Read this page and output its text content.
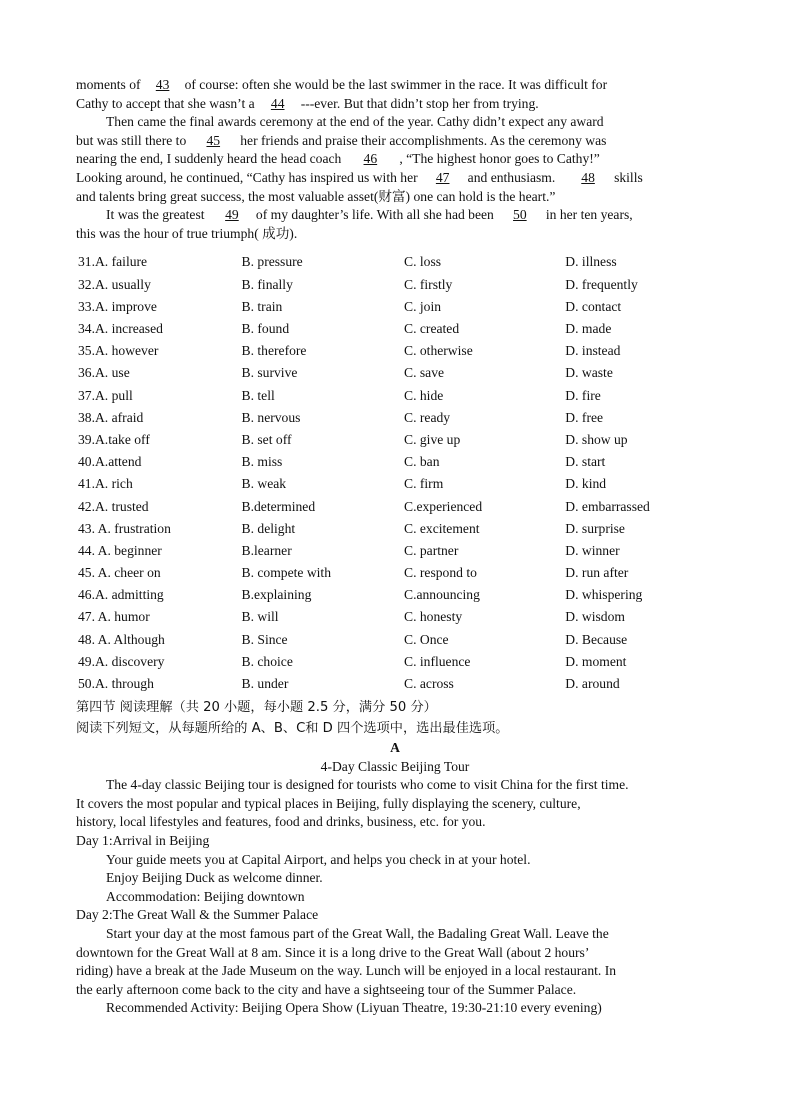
moments of 43 of course: often she would be the last swimmer in the race. It was difficult for
Cathy to accept that she wasn’t a 44 ---ever. But that didn’t stop her from trying.
Then came the final awards ceremony at the end of the year. Cathy didn’t expect any award
but was still there to 45 her friends and praise their accomplishments. As the ceremony was
nearing the end, I suddenly heard the head coach 46 , “The highest honor goes to Cathy!”
Looking around, he continued, “Cathy has inspired us with her 47 and enthusiasm. 48 skills
and talents bring great success, the most valuable asset(财富) one can hold is the heart.”
It was the greatest 49 of my daughter’s life. With all she had been 50 in her ten years,
this was the hour of true triumph( 成功).
31.A. failure	B. pressure	C. loss	D. illness
32.A. usually	B. finally	C. firstly	D. frequently
33.A. improve	B. train	C. join	D. contact
34.A. increased	B. found	C. created	D. made
35.A. however	B. therefore	C. otherwise	D. instead
36.A. use	B. survive	C. save	D. waste
37.A. pull	B. tell	C. hide	D. fire
38.A. afraid	B. nervous	C. ready	D. free
39.A.take off	B. set off	C. give up	D. show up
40.A.attend	B. miss	C. ban	D. start
41.A. rich	B. weak	C. firm	D. kind
42.A. trusted	B.determined	C.experienced	D. embarrassed
43. A. frustration	B. delight	C. excitement	D. surprise
44. A. beginner	B.learner	C. partner	D. winner
45. A. cheer on	B. compete with	C. respond to	D. run after
46.A. admitting	B.explaining	C.announcing	D. whispering
47. A. humor	B. will	C. honesty	D. wisdom
48. A. Although	B. Since	C. Once	D. Because
49.A. discovery	B. choice	C. influence	D. moment
50.A. through	B. under	C. across	D. around
第四节 阅读理解（共 20 小题，每小题 2.5 分，满分 50 分）
阅读下列短文，从每题所给的 A、B、C和 D 四个选项中，选出最佳选项。
A
4-Day Classic Beijing Tour
The 4-day classic Beijing tour is designed for tourists who come to visit China for the first time.
It covers the most popular and typical places in Beijing, fully displaying the scenery, culture,
history, local lifestyles and features, food and drinks, business, etc. for you.
Day 1:Arrival in Beijing
Your guide meets you at Capital Airport, and helps you check in at your hotel.
Enjoy Beijing Duck as welcome dinner.
Accommodation: Beijing downtown
Day 2:The Great Wall & the Summer Palace
Start your day at the most famous part of the Great Wall, the Badaling Great Wall. Leave the
downtown for the Great Wall at 8 am. Since it is a long drive to the Great Wall (about 2 hours’
riding) have a break at the Jade Museum on the way. Lunch will be enjoyed in a local restaurant. In
the early afternoon come back to the city and have a sightseeing tour of the Summer Palace.
Recommended Activity: Beijing Opera Show (Liyuan Theatre, 19:30-21:10 every evening)
